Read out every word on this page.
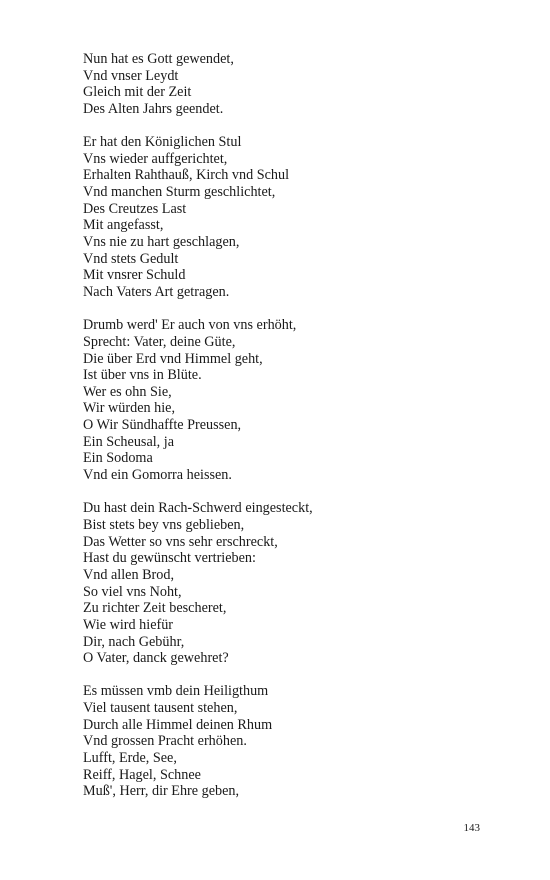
Nun hat es Gott gewendet,
Vnd vnser Leydt
Gleich mit der Zeit
Des Alten Jahrs geendet.
Er hat den Königlichen Stul
Vns wieder auffgerichtet,
Erhalten Rahthauß, Kirch vnd Schul
Vnd manchen Sturm geschlichtet,
Des Creutzes Last
Mit angefasst,
Vns nie zu hart geschlagen,
Vnd stets Gedult
Mit vnsrer Schuld
Nach Vaters Art getragen.
Drumb werd' Er auch von vns erhöht,
Sprecht: Vater, deine Güte,
Die über Erd vnd Himmel geht,
Ist über vns in Blüte.
Wer es ohn Sie,
Wir würden hie,
O Wir Sündhaffte Preussen,
Ein Scheusal, ja
Ein Sodoma
Vnd ein Gomorra heissen.
Du hast dein Rach-Schwerd eingesteckt,
Bist stets bey vns geblieben,
Das Wetter so vns sehr erschreckt,
Hast du gewünscht vertrieben:
Vnd allen Brod,
So viel vns Noht,
Zu richter Zeit bescheret,
Wie wird hiefür
Dir, nach Gebühr,
O Vater, danck gewehret?
Es müssen vmb dein Heiligthum
Viel tausent tausent stehen,
Durch alle Himmel deinen Rhum
Vnd grossen Pracht erhöhen.
Lufft, Erde, See,
Reiff, Hagel, Schnee
Muß', Herr, dir Ehre geben,
143
